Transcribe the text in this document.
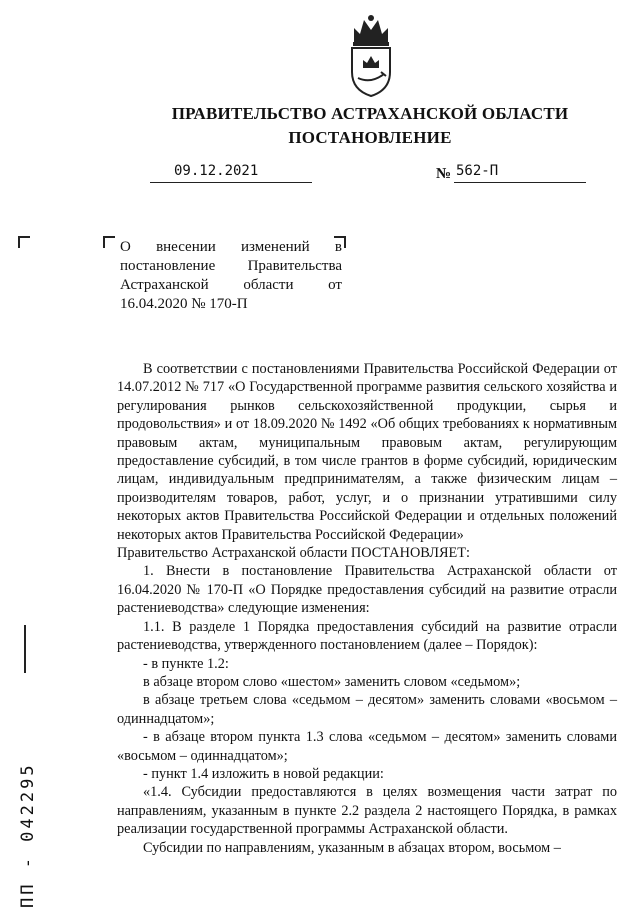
ПРАВИТЕЛЬСТВО АСТРАХАНСКОЙ ОБЛАСТИ
ПОСТАНОВЛЕНИЕ
09.12.2021	№ 562-П
О внесении изменений в постановление Правительства Астраханской области от 16.04.2020 № 170-П

В соответствии с постановлениями Правительства Российской Федерации от 14.07.2012 № 717 «О Государственной программе развития сельского хозяйства и регулирования рынков сельскохозяйственной продукции, сырья и продовольствия» и от 18.09.2020 № 1492 «Об общих требованиях к нормативным правовым актам, муниципальным правовым актам, регулирующим предоставление субсидий, в том числе грантов в форме субсидий, юридическим лицам, индивидуальным предпринимателям, а также физическим лицам – производителям товаров, работ, услуг, и о признании утратившими силу некоторых актов Правительства Российской Федерации и отдельных положений некоторых актов Правительства Российской Федерации»

Правительство Астраханской области ПОСТАНОВЛЯЕТ:

1. Внести в постановление Правительства Астраханской области от 16.04.2020 № 170-П «О Порядке предоставления субсидий на развитие отрасли растениеводства» следующие изменения:

1.1. В разделе 1 Порядка предоставления субсидий на развитие отрасли растениеводства, утвержденного постановлением (далее – Порядок):

- в пункте 1.2:

в абзаце втором слово «шестом» заменить словом «седьмом»;

в абзаце третьем слова «седьмом – десятом» заменить словами «восьмом – одиннадцатом»;

- в абзаце втором пункта 1.3 слова «седьмом – десятом» заменить словами «восьмом – одиннадцатом»;

- пункт 1.4 изложить в новой редакции:

«1.4. Субсидии предоставляются в целях возмещения части затрат по направлениям, указанным в пункте 2.2 раздела 2 настоящего Порядка, в рамках реализации государственной программы Астраханской области.

Субсидии по направлениям, указанным в абзацах втором, восьмом –

ПП - 042295
